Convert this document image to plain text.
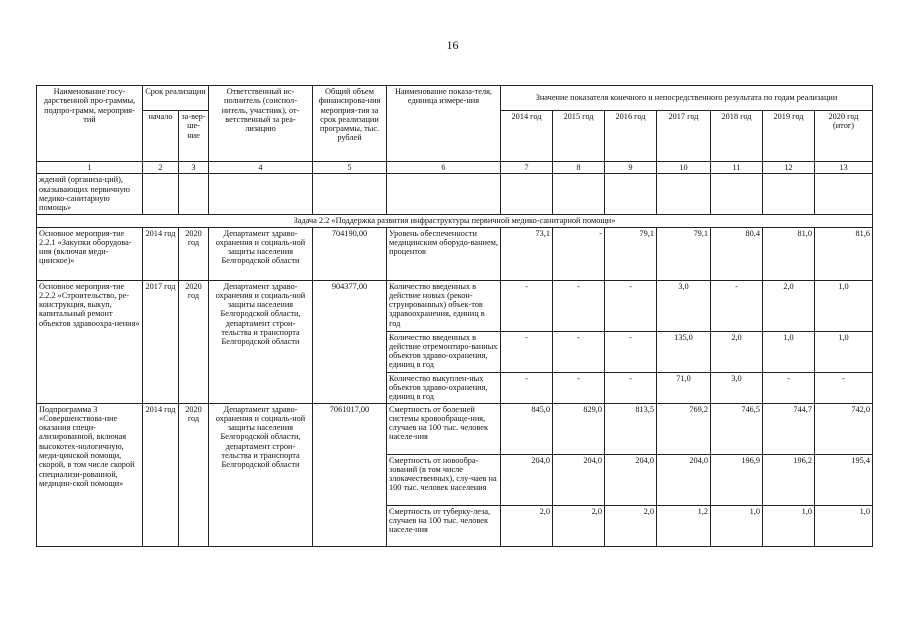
16
Наименование госу-дарственной про-граммы, подпро-грамм, мероприя-тий	Срок реализации		Ответственный ис-полнитель (соиспол-нитель, участник), от-ветственный за реа-лизацию	Общий объем финансирова-ния мероприя-тия за срок реализации программы, тыс. рублей	Наименование показа-теля, единица измере-ния	Значение показателя конечного и непосредственного результата по годам реализации						
	начало	за-вер-ше-ние				2014 год	2015 год	2016 год	2017 год	2018 год	2019 год	2020 год (итог)
1	2	3	4	5	6	7	8	9	10	11	12	13
ждений (организа-ций), оказывающих первичную медико-санитарную помощь»												
Задача 2.2 «Поддержка развития инфраструктуры первичной медико-санитарной помощи»												
Основное мероприя-тие 2.2.1 «Закупки оборудова-ния (включая меди-цинское)»	2014 год	2020 год	Департамент здраво-охранения и социаль-ной защиты населения Белгородской области	704190,00	Уровень обеспеченности медицинским оборудо-ванием, процентов	73,1	-	79,1	79,1	80,4	81,0	81,6
Основное мероприя-тие 2.2.2 «Строительство, ре-конструкция, выкуп, капитальный ремонт объектов здравоохра-нения»	2017 год	2020 год	Департамент здраво-охранения и социаль-ной защиты населения Белгородской области, департамент строи-тельства и транспорта Белгородской области	904377,00	Количество введенных в действие новых (рекон-струированных) объек-тов здравоохранения, единиц в год	-	-	-	3,0	-	2,0	1,0
					Количество введенных в действие отремонтиро-ванных объектов здраво-охранения, единиц в год	-	-	-	135,0	2,0	1,0	1,0
					Количество выкуплен-ных объектов здраво-охранения, единиц в год	-	-	-	71,0	3,0	-	-
Подпрограмма 3 «Совершенствова-ние оказания специ-ализированной, включая высокотех-нологичную, меди-цинской помощи, скорой, в том числе скорой специализи-рованной, медицин-ской помощи»	2014 год	2020 год	Департамент здраво-охранения и социаль-ной защиты населения Белгородской области, департамент строи-тельства и транспорта Белгородской области	7061017,00	Смертность от болезней системы кровообраще-ния, случаев на 100 тыс. человек населе-ния	845,0	829,0	813,5	769,2	746,5	744,7	742,0
					Смертность от новообра-зований (в том числе злокачественных), слу-чаев на 100 тыс. человек населения	204,0	204,0	204,0	204,0	196,9	196,2	195,4
					Смертность от туберку-леза, случаев на 100 тыс. человек населе-ния	2,0	2,0	2,0	1,2	1,0	1,0	1,0
